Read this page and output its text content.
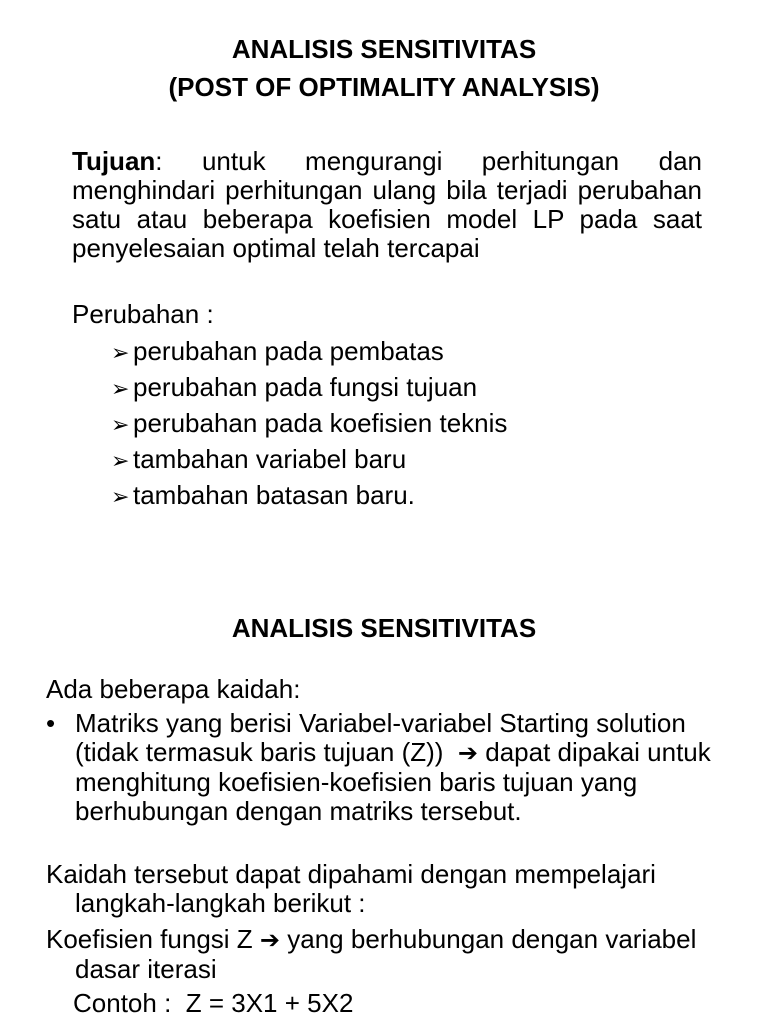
ANALISIS SENSITIVITAS
(POST OF OPTIMALITY ANALYSIS)

Tujuan: untuk mengurangi perhitungan dan menghindari perhitungan ulang bila terjadi perubahan satu atau beberapa koefisien model LP pada saat penyelesaian optimal telah tercapai

Perubahan :

➢ perubahan pada pembatas
➢ perubahan pada fungsi tujuan
➢ perubahan pada koefisien teknis
➢ tambahan variabel baru
➢ tambahan batasan baru.
ANALISIS SENSITIVITAS

Ada beberapa kaidah:

• Matriks yang berisi Variabel-variabel Starting solution (tidak termasuk baris tujuan (Z)) ➔ dapat dipakai untuk menghitung koefisien-koefisien baris tujuan yang berhubungan dengan matriks tersebut.

Kaidah tersebut dapat dipahami dengan mempelajari langkah-langkah berikut :

Koefisien fungsi Z ➔ yang berhubungan dengan variabel dasar iterasi

Contoh :  Z = 3X1 + 5X2
